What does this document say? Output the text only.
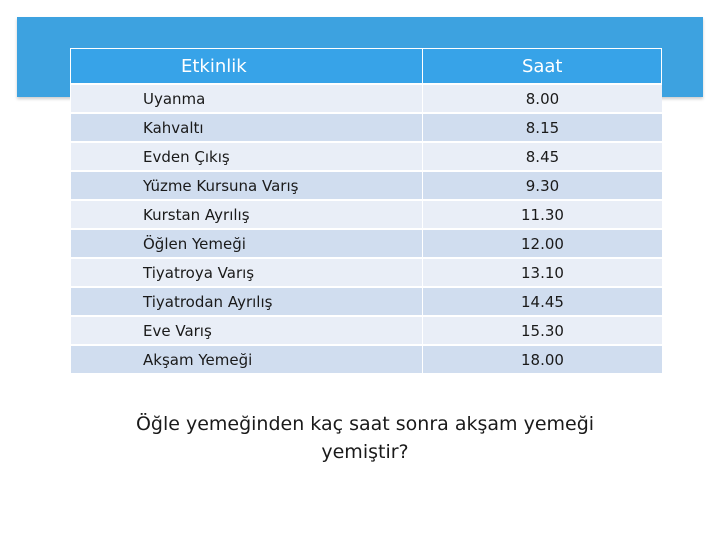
Etkinlik	Saat
Uyanma	8.00
Kahvaltı	8.15
Evden Çıkış	8.45
Yüzme Kursuna Varış	9.30
Kurstan Ayrılış	11.30
Öğlen Yemeği	12.00
Tiyatroya Varış	13.10
Tiyatrodan Ayrılış	14.45
Eve Varış	15.30
Akşam Yemeği	18.00
Öğle yemeğinden kaç saat sonra akşam yemeği yemiştir?
